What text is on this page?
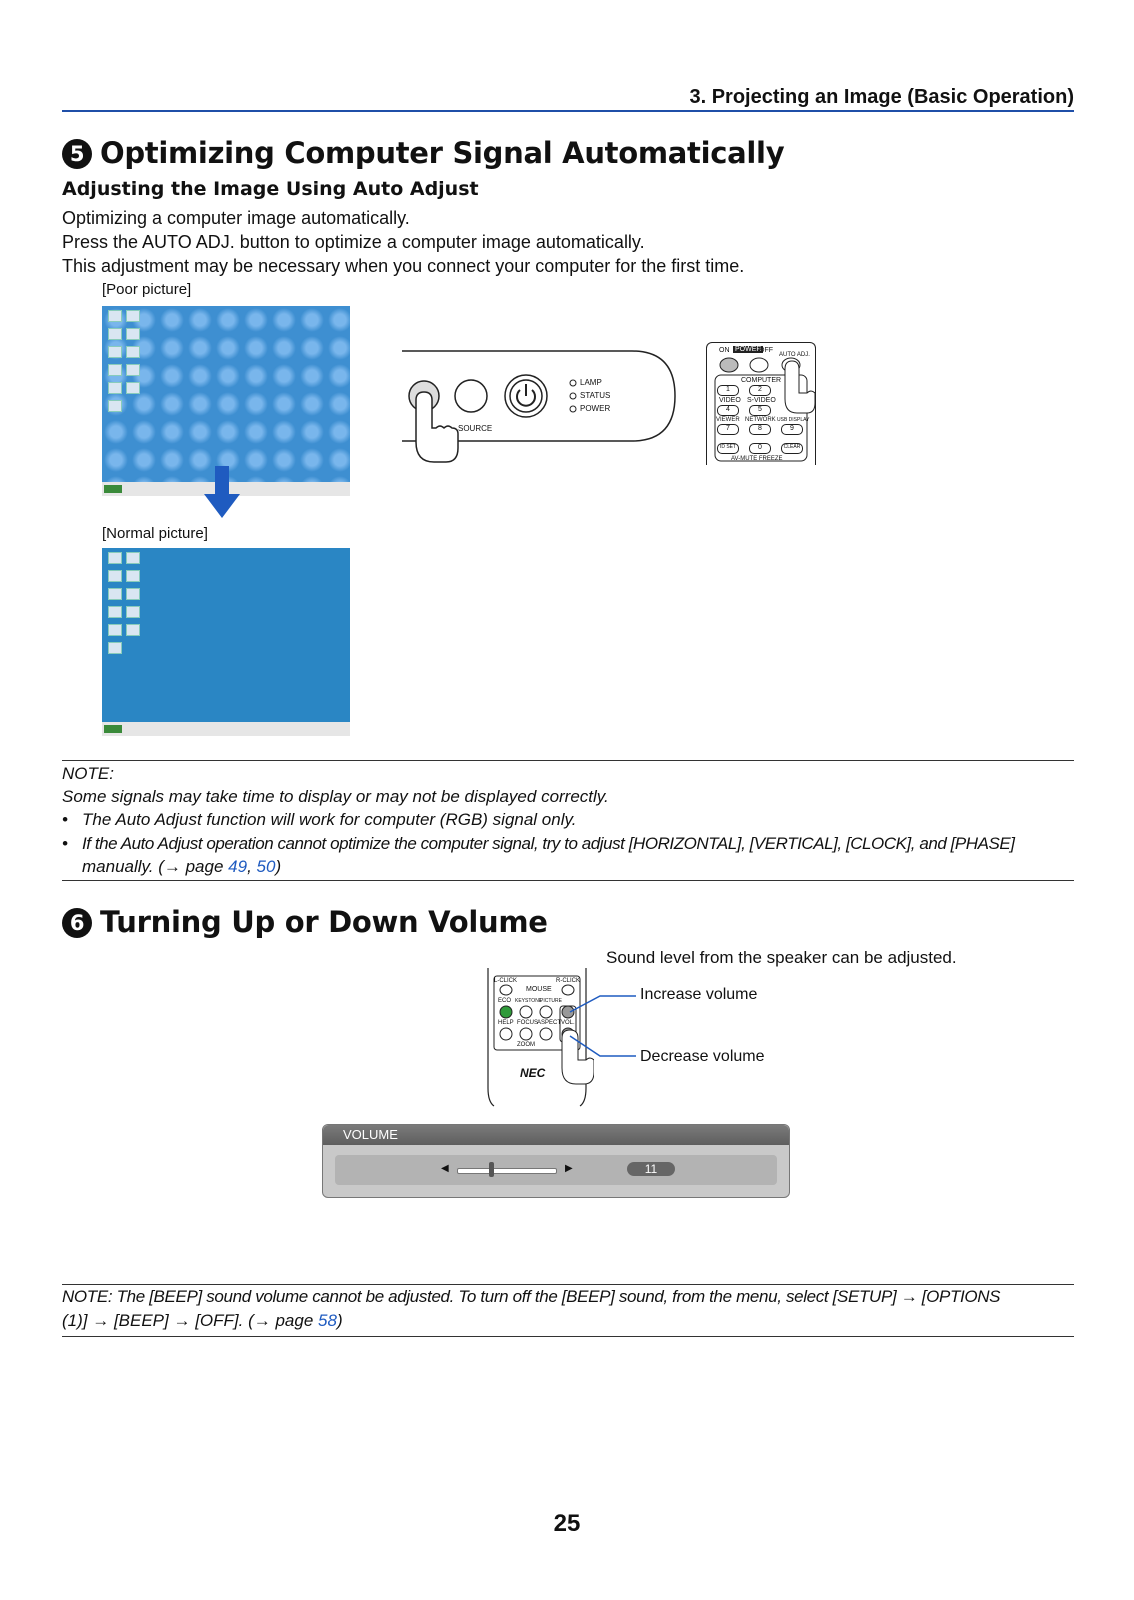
3. Projecting an Image (Basic Operation)
5 Optimizing Computer Signal Automatically
Adjusting the Image Using Auto Adjust
Optimizing a computer image automatically.
Press the AUTO ADJ. button to optimize a computer image automatically.
This adjustment may be necessary when you connect your computer for the first time.
[Poor picture]
[Normal picture]
LAMP
STATUS
POWER
SOURCE
ON POWER
OFF
AUTO ADJ.
COMPUTER
1	2
VIDEO S-VIDEO
4	5
VIEWER NETWORK USB DISPLAY
7	8	9
ID SET	0	CLEAR
AV-MUTE FREEZE
NOTE:
Some signals may take time to display or may not be displayed correctly.
• The Auto Adjust function will work for computer (RGB) signal only.
• If the Auto Adjust operation cannot optimize the computer signal, try to adjust [HORIZONTAL], [VERTICAL], [CLOCK], and [PHASE]
manually. (→ page 49, 50)
6 Turning Up or Down Volume
Sound level from the speaker can be adjusted.
L-CLICK	R-CLICK
MOUSE
ECO KEYSTONE
PICTURE
HELP FOCUS ASPECT VOL.
ZOOM
NEC
Increase volume
Decrease volume
VOLUME
◀	▶	11
NOTE: The [BEEP] sound volume cannot be adjusted. To turn off the [BEEP] sound, from the menu, select [SETUP] → [OPTIONS
(1)] → [BEEP] → [OFF]. (→ page 58)
25
